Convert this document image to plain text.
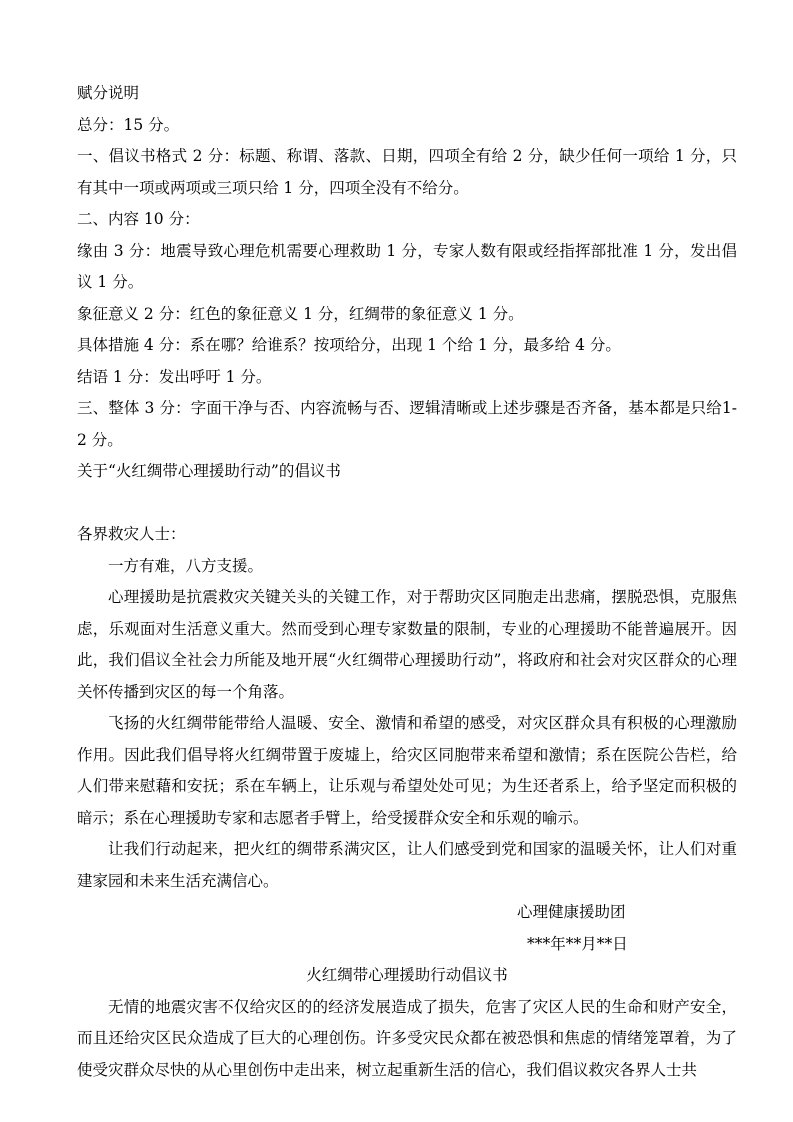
赋分说明

总分：15 分。

一、倡议书格式 2 分：标题、称谓、落款、日期，四项全有给 2 分，缺少任何一项给 1 分，只有其中一项或两项或三项只给 1 分，四项全没有不给分。

二、内容 10 分：

缘由 3 分：地震导致心理危机需要心理救助 1 分，专家人数有限或经指挥部批准 1 分，发出倡议 1 分。

象征意义 2 分：红色的象征意义 1 分，红绸带的象征意义 1 分。

具体措施 4 分：系在哪？给谁系？按项给分，出现 1 个给 1 分，最多给 4 分。

结语 1 分：发出呼吁 1 分。

三、整体 3 分：字面干净与否、内容流畅与否、逻辑清晰或上述步骤是否齐备，基本都是只给1-2 分。

关于“火红绸带心理援助行动”的倡议书

各界救灾人士：

一方有难，八方支援。

心理援助是抗震救灾关键关头的关键工作，对于帮助灾区同胞走出悲痛，摆脱恐惧，克服焦虑，乐观面对生活意义重大。然而受到心理专家数量的限制，专业的心理援助不能普遍展开。因此，我们倡议全社会力所能及地开展“火红绸带心理援助行动”，将政府和社会对灾区群众的心理关怀传播到灾区的每一个角落。

飞扬的火红绸带能带给人温暖、安全、激情和希望的感受，对灾区群众具有积极的心理激励作用。因此我们倡导将火红绸带置于废墟上，给灾区同胞带来希望和激情；系在医院公告栏，给人们带来慰藉和安抚；系在车辆上，让乐观与希望处处可见；为生还者系上，给予坚定而积极的暗示；系在心理援助专家和志愿者手臂上，给受援群众安全和乐观的喻示。

让我们行动起来，把火红的绸带系满灾区，让人们感受到党和国家的温暖关怀，让人们对重建家园和未来生活充满信心。

心理健康援助团

***年**月**日

火红绸带心理援助行动倡议书

无情的地震灾害不仅给灾区的的经济发展造成了损失，危害了灾区人民的生命和财产安全，而且还给灾区民众造成了巨大的心理创伤。许多受灾民众都在被恐惧和焦虑的情绪笼罩着，为了使受灾群众尽快的从心里创伤中走出来，树立起重新生活的信心，我们倡议救灾各界人士共
